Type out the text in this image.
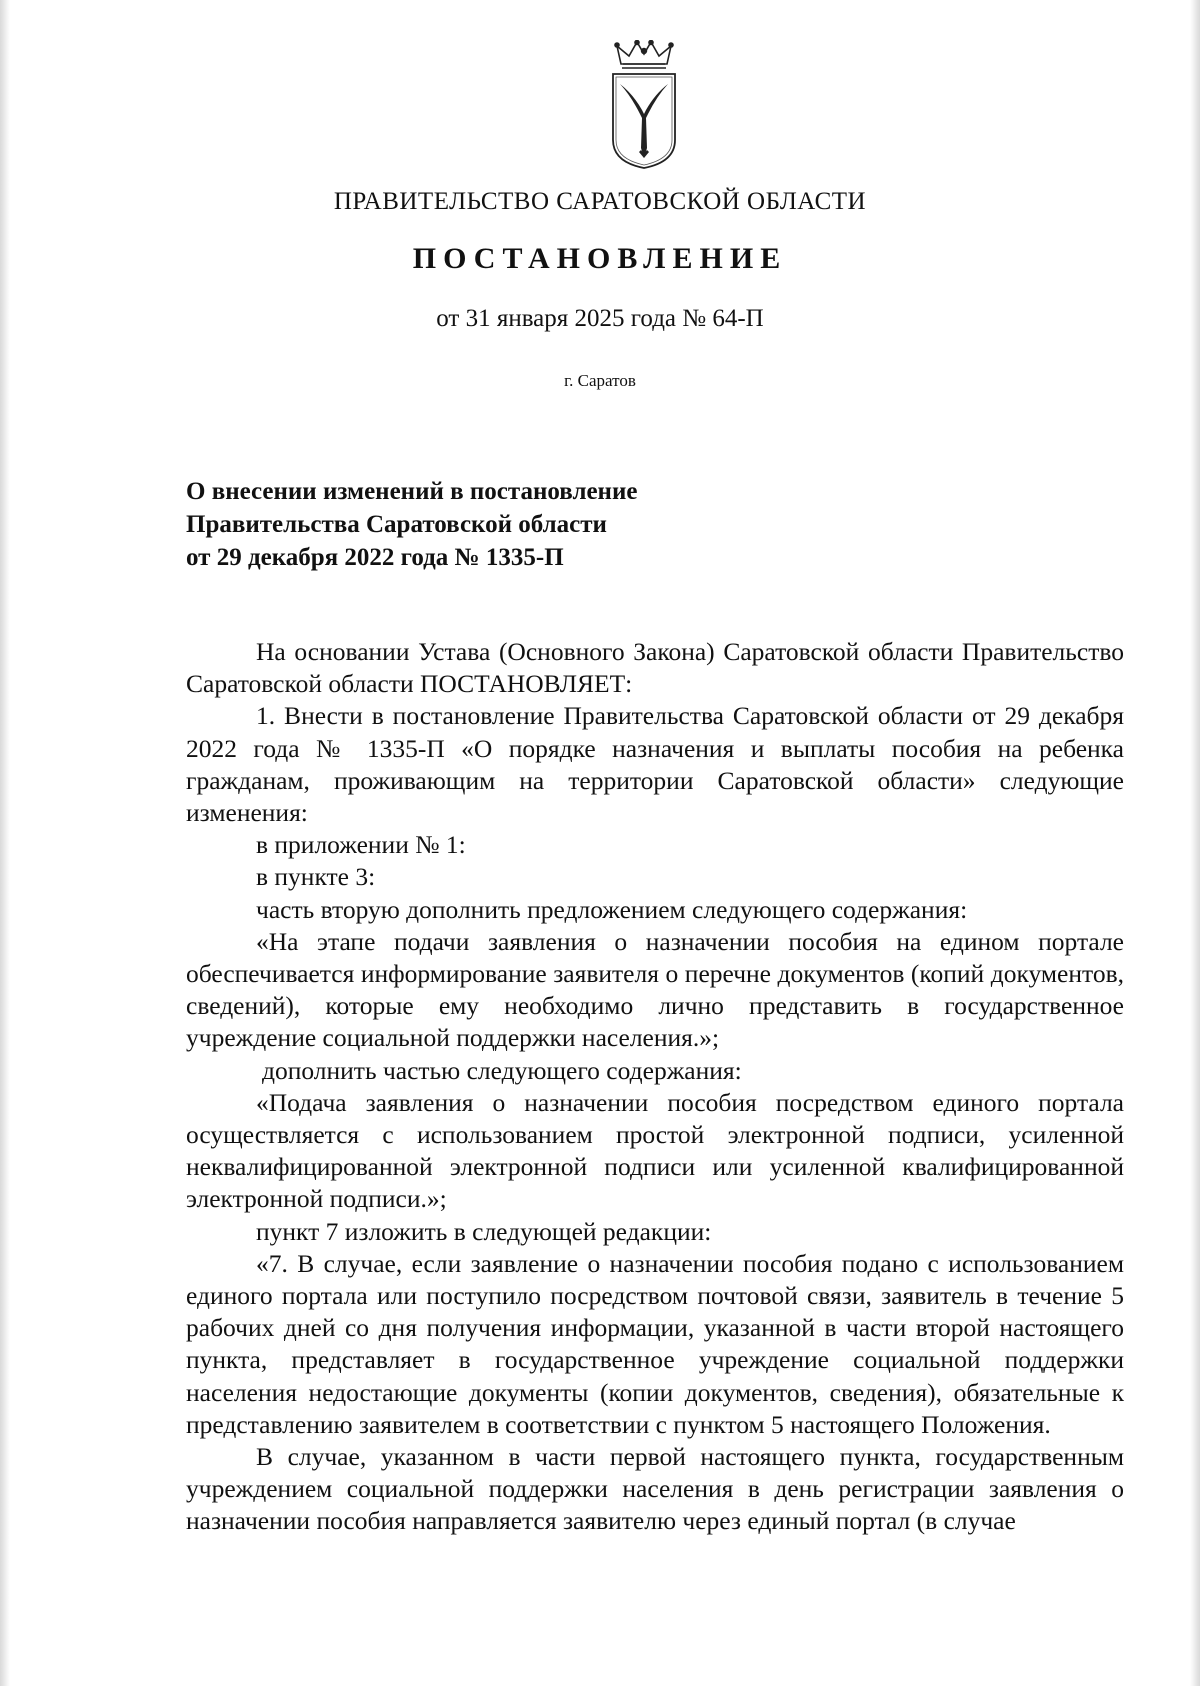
ПРАВИТЕЛЬСТВО САРАТОВСКОЙ ОБЛАСТИ
ПОСТАНОВЛЕНИЕ
от 31 января 2025 года № 64-П
г. Саратов
О внесении изменений в постановление
Правительства Саратовской области
от 29 декабря 2022 года № 1335-П

На основании Устава (Основного Закона) Саратовской области Правительство Саратовской области ПОСТАНОВЛЯЕТ:

1. Внести в постановление Правительства Саратовской области от 29 декабря 2022 года № 1335-П «О порядке назначения и выплаты пособия на ребенка гражданам, проживающим на территории Саратовской области» следующие изменения:

в приложении № 1:

в пункте 3:

часть вторую дополнить предложением следующего содержания:

«На этапе подачи заявления о назначении пособия на едином портале обеспечивается информирование заявителя о перечне документов (копий документов, сведений), которые ему необходимо лично представить в государственное учреждение социальной поддержки населения.»;

дополнить частью следующего содержания:

«Подача заявления о назначении пособия посредством единого портала осуществляется с использованием простой электронной подписи, усиленной неквалифицированной электронной подписи или усиленной квалифицированной электронной подписи.»;

пункт 7 изложить в следующей редакции:

«7. В случае, если заявление о назначении пособия подано с использованием единого портала или поступило посредством почтовой связи, заявитель в течение 5 рабочих дней со дня получения информации, указанной в части второй настоящего пункта, представляет в государственное учреждение социальной поддержки населения недостающие документы (копии документов, сведения), обязательные к представлению заявителем в соответствии с пунктом 5 настоящего Положения.

В случае, указанном в части первой настоящего пункта, государственным учреждением социальной поддержки населения в день регистрации заявления о назначении пособия направляется заявителю через единый портал (в случае
